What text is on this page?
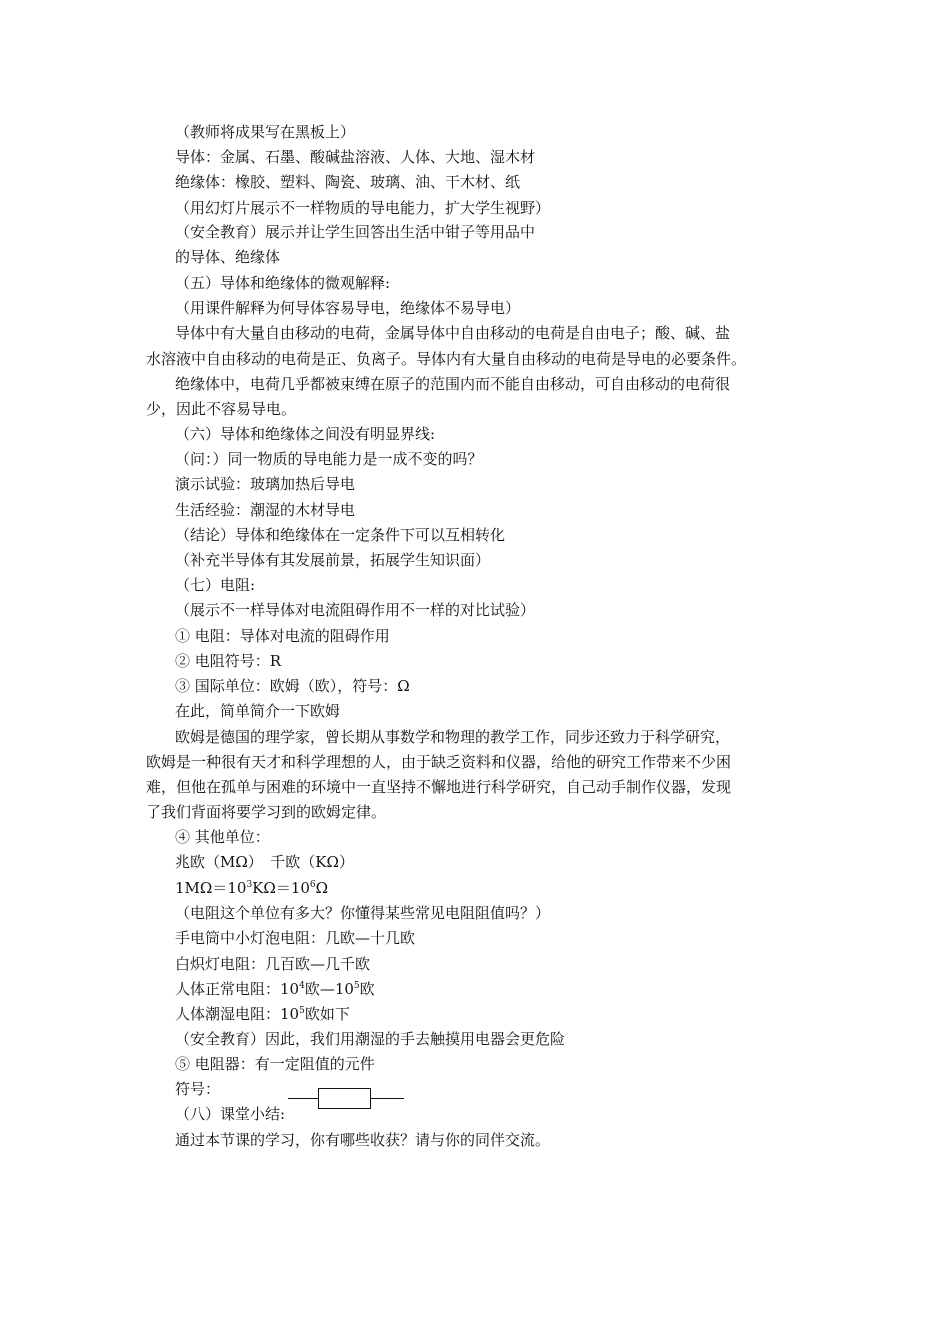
（教师将成果写在黑板上）
导体：金属、石墨、酸碱盐溶液、人体、大地、湿木材
绝缘体：橡胶、塑料、陶瓷、玻璃、油、干木材、纸
（用幻灯片展示不一样物质的导电能力，扩大学生视野）
（安全教育）展示并让学生回答出生活中钳子等用品中
的导体、绝缘体
（五）导体和绝缘体的微观解释:
（用课件解释为何导体容易导电，绝缘体不易导电）
导体中有大量自由移动的电荷，金属导体中自由移动的电荷是自由电子；酸、碱、盐
水溶液中自由移动的电荷是正、负离子。导体内有大量自由移动的电荷是导电的必要条件。
绝缘体中，电荷几乎都被束缚在原子的范围内而不能自由移动，可自由移动的电荷很
少，因此不容易导电。
（六）导体和绝缘体之间没有明显界线:
（问：）同一物质的导电能力是一成不变的吗？
演示试验：玻璃加热后导电
生活经验：潮湿的木材导电
（结论）导体和绝缘体在一定条件下可以互相转化
（补充半导体有其发展前景，拓展学生知识面）
（七）电阻:
（展示不一样导体对电流阻碍作用不一样的对比试验）
① 电阻：导体对电流的阻碍作用
② 电阻符号：R
③ 国际单位：欧姆（欧），符号：Ω
在此，简单简介一下欧姆
欧姆是德国的理学家，曾长期从事数学和物理的教学工作，同步还致力于科学研究，
欧姆是一种很有天才和科学理想的人，由于缺乏资料和仪器，给他的研究工作带来不少困
难，但他在孤单与困难的环境中一直坚持不懈地进行科学研究，自己动手制作仪器，发现
了我们背面将要学习到的欧姆定律。
④ 其他单位：
兆欧（MΩ）　千欧（KΩ）
$1M\Omega=10^3K\Omega=10^6\Omega$
（电阻这个单位有多大？你懂得某些常见电阻阻值吗？）
手电筒中小灯泡电阻：几欧—十几欧
白炽灯电阻：几百欧—几千欧
人体正常电阻：$10^4$欧$—10^5$欧
人体潮湿电阻：$10^5$欧如下
（安全教育）因此，我们用潮湿的手去触摸用电器会更危险
⑤ 电阻器：有一定阻值的元件
符号：
（八）课堂小结:
通过本节课的学习，你有哪些收获？请与你的同伴交流。
